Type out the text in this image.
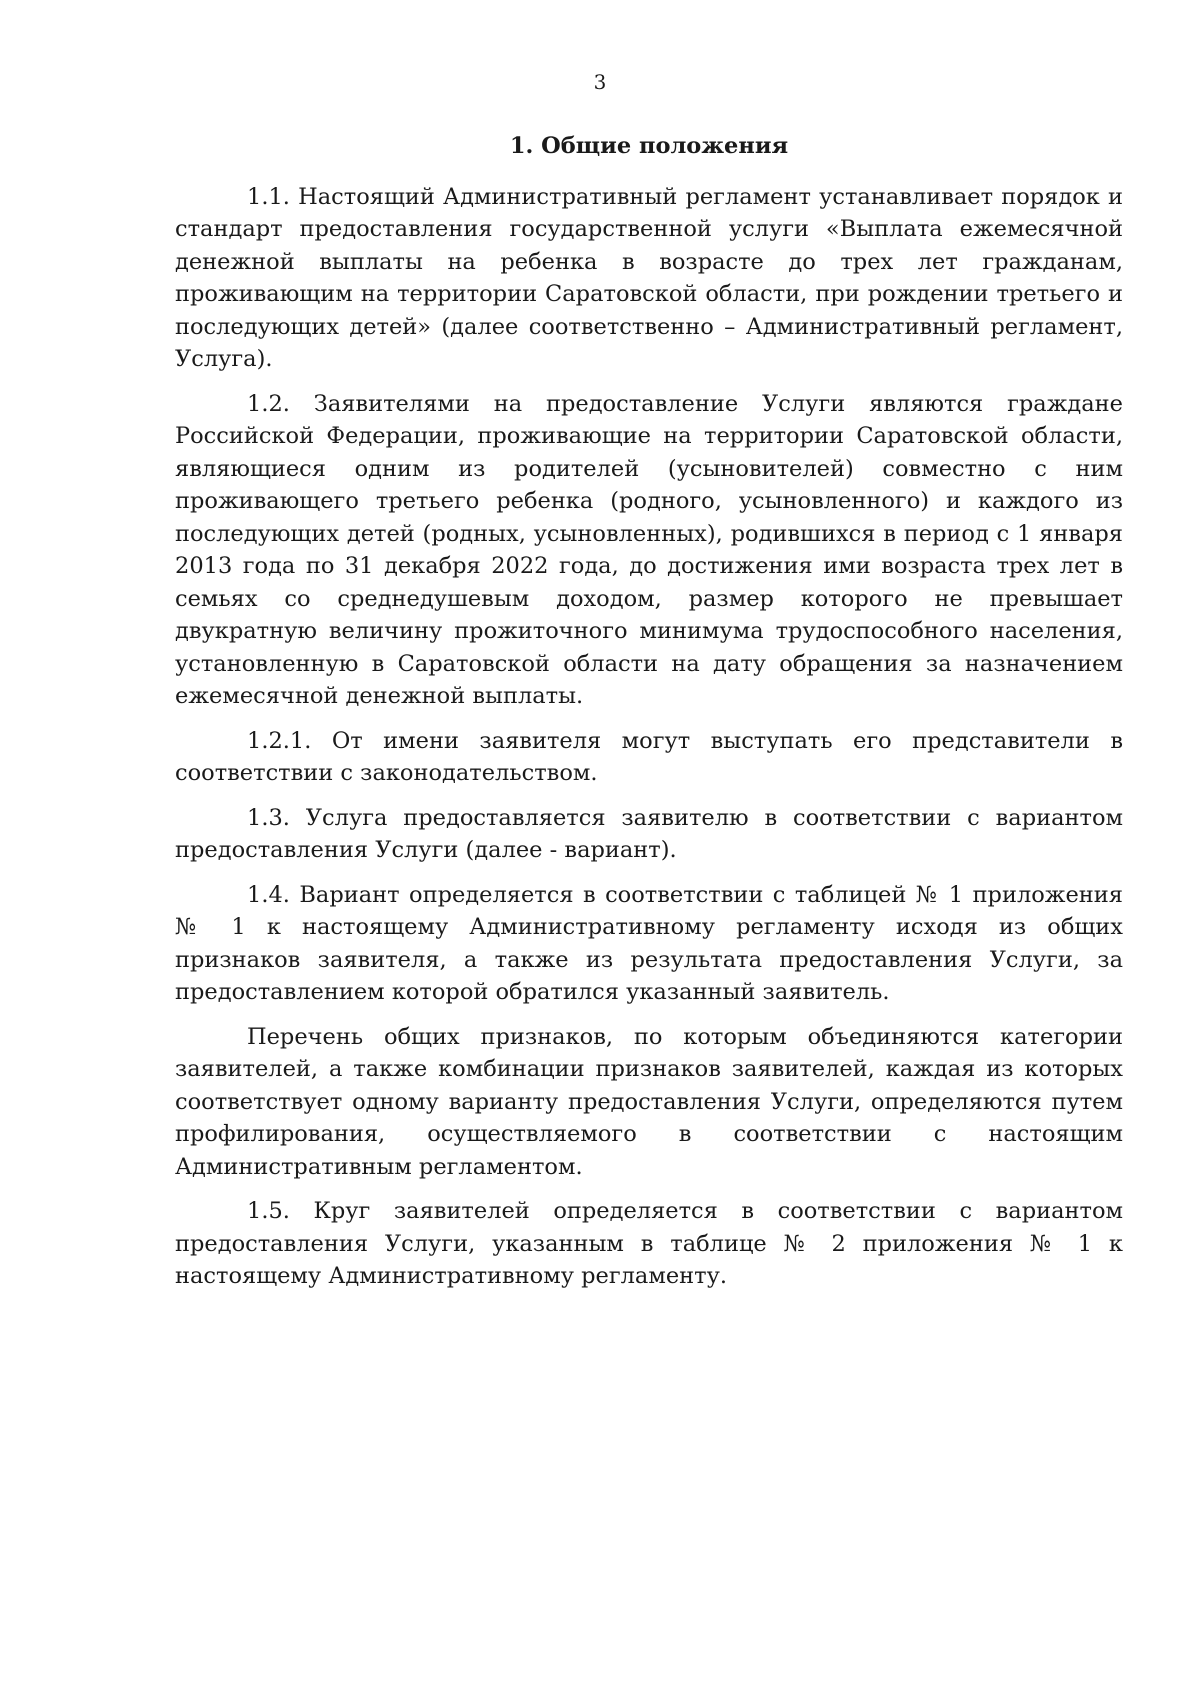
3
1. Общие положения

1.1. Настоящий Административный регламент устанавливает порядок и стандарт предоставления государственной услуги «Выплата ежемесячной денежной выплаты на ребенка в возрасте до трех лет гражданам, проживающим на территории Саратовской области, при рождении третьего и последующих детей» (далее соответственно – Административный регламент, Услуга).

1.2. Заявителями на предоставление Услуги являются граждане Российской Федерации, проживающие на территории Саратовской области, являющиеся одним из родителей (усыновителей) совместно с ним проживающего третьего ребенка (родного, усыновленного) и каждого из последующих детей (родных, усыновленных), родившихся в период с 1 января 2013 года по 31 декабря 2022 года, до достижения ими возраста трех лет в семьях со среднедушевым доходом, размер которого не превышает двукратную величину прожиточного минимума трудоспособного населения, установленную в Саратовской области на дату обращения за назначением ежемесячной денежной выплаты.

1.2.1. От имени заявителя могут выступать его представители в соответствии с законодательством.

1.3. Услуга предоставляется заявителю в соответствии с вариантом предоставления Услуги (далее - вариант).

1.4. Вариант определяется в соответствии с таблицей № 1 приложения № 1 к настоящему Административному регламенту исходя из общих признаков заявителя, а также из результата предоставления Услуги, за предоставлением которой обратился указанный заявитель.

Перечень общих признаков, по которым объединяются категории заявителей, а также комбинации признаков заявителей, каждая из которых соответствует одному варианту предоставления Услуги, определяются путем профилирования, осуществляемого в соответствии с настоящим Административным регламентом.

1.5. Круг заявителей определяется в соответствии с вариантом предоставления Услуги, указанным в таблице № 2 приложения № 1 к настоящему Административному регламенту.
